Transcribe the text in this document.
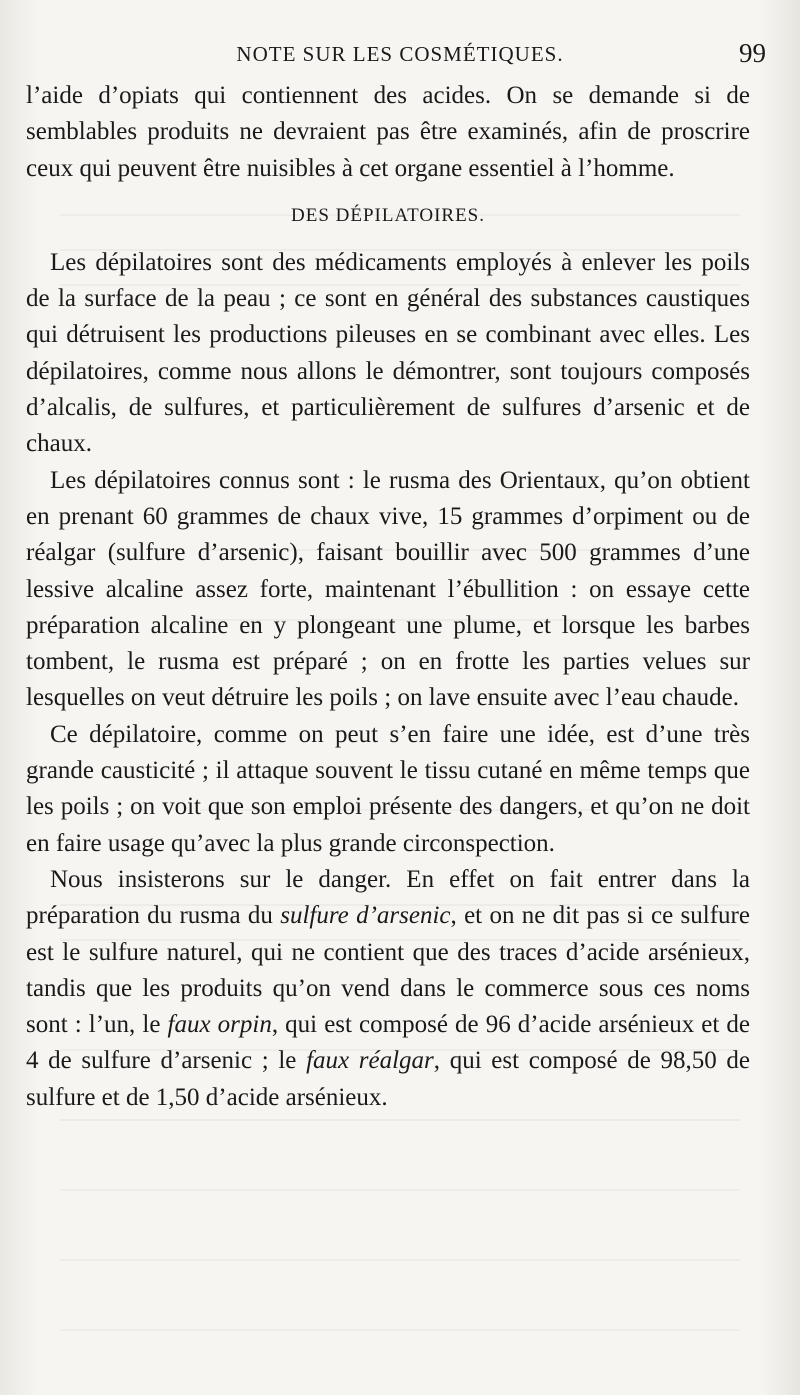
NOTE SUR LES COSMÉTIQUES.	99

l’aide d’opiats qui contiennent des acides. On se demande si de semblables produits ne devraient pas être examinés, afin de proscrire ceux qui peuvent être nuisibles à cet organe essentiel à l’homme.

DES DÉPILATOIRES.

Les dépilatoires sont des médicaments employés à enlever les poils de la surface de la peau ; ce sont en général des substances caustiques qui détruisent les productions pileuses en se combinant avec elles. Les dépilatoires, comme nous allons le démontrer, sont toujours composés d’alcalis, de sulfures, et particulièrement de sulfures d’arsenic et de chaux.

Les dépilatoires connus sont : le rusma des Orientaux, qu’on obtient en prenant 60 grammes de chaux vive, 15 grammes d’orpiment ou de réalgar (sulfure d’arsenic), faisant bouillir avec 500 grammes d’une lessive alcaline assez forte, maintenant l’ébullition : on essaye cette préparation alcaline en y plongeant une plume, et lorsque les barbes tombent, le rusma est préparé ; on en frotte les parties velues sur lesquelles on veut détruire les poils ; on lave ensuite avec l’eau chaude.

Ce dépilatoire, comme on peut s’en faire une idée, est d’une très grande causticité ; il attaque souvent le tissu cutané en même temps que les poils ; on voit que son emploi présente des dangers, et qu’on ne doit en faire usage qu’avec la plus grande circonspection.

Nous insisterons sur le danger. En effet on fait entrer dans la préparation du rusma du sulfure d’arsenic, et on ne dit pas si ce sulfure est le sulfure naturel, qui ne contient que des traces d’acide arsénieux, tandis que les produits qu’on vend dans le commerce sous ces noms sont : l’un, le faux orpin, qui est composé de 96 d’acide arsénieux et de 4 de sulfure d’arsenic ; le faux réalgar, qui est composé de 98,50 de sulfure et de 1,50 d’acide arsénieux.
